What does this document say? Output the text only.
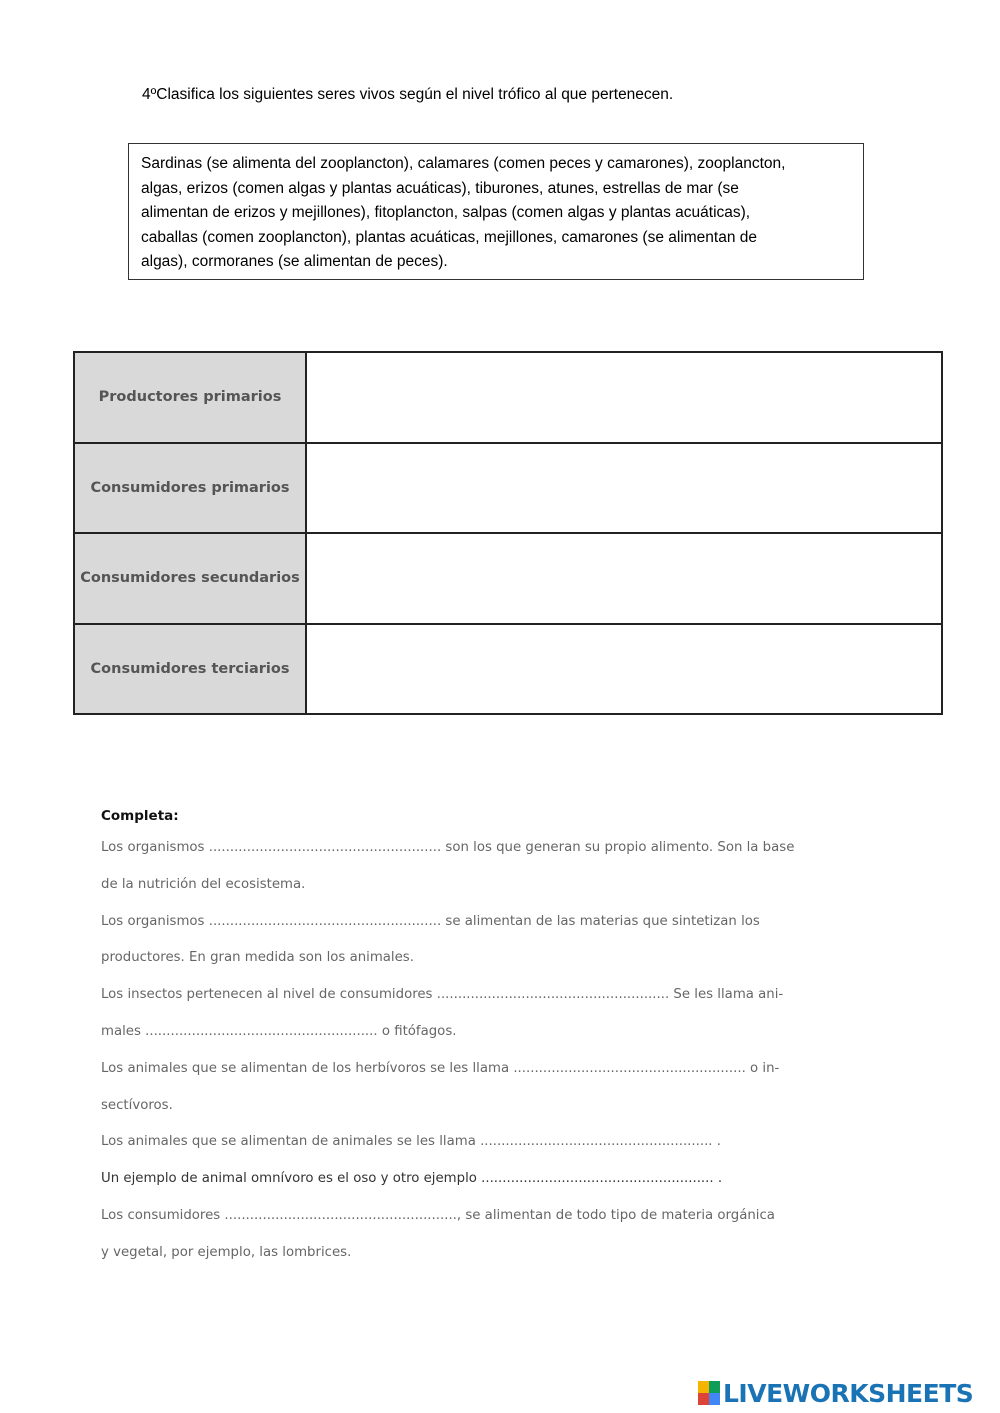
4ºClasifica los siguientes seres vivos según el nivel trófico al que pertenecen.
Sardinas (se alimenta del zooplancton), calamares (comen peces y camarones), zooplancton,
algas, erizos (comen algas y plantas acuáticas), tiburones, atunes, estrellas de mar (se
alimentan de erizos y mejillones), fitoplancton, salpas (comen algas y plantas acuáticas),
caballas (comen zooplancton), plantas acuáticas, mejillones, camarones (se alimentan de
algas), cormoranes (se alimentan de peces).
Productores primarios	
Consumidores primarios	
Consumidores secundarios	
Consumidores terciarios	
Completa:
Los organismos ....................................................... son los que generan su propio alimento. Son la base
de la nutrición del ecosistema.
Los organismos ....................................................... se alimentan de las materias que sintetizan los
productores. En gran medida son los animales.
Los insectos pertenecen al nivel de consumidores ....................................................... Se les llama ani-
males ....................................................... o fitófagos.
Los animales que se alimentan de los herbívoros se les llama ....................................................... o in-
sectívoros.
Los animales que se alimentan de animales se les llama ....................................................... .
Un ejemplo de animal omnívoro es el oso y otro ejemplo ....................................................... .
Los consumidores ......................................................., se alimentan de todo tipo de materia orgánica
y vegetal, por ejemplo, las lombrices.
LIVEWORKSHEETS
